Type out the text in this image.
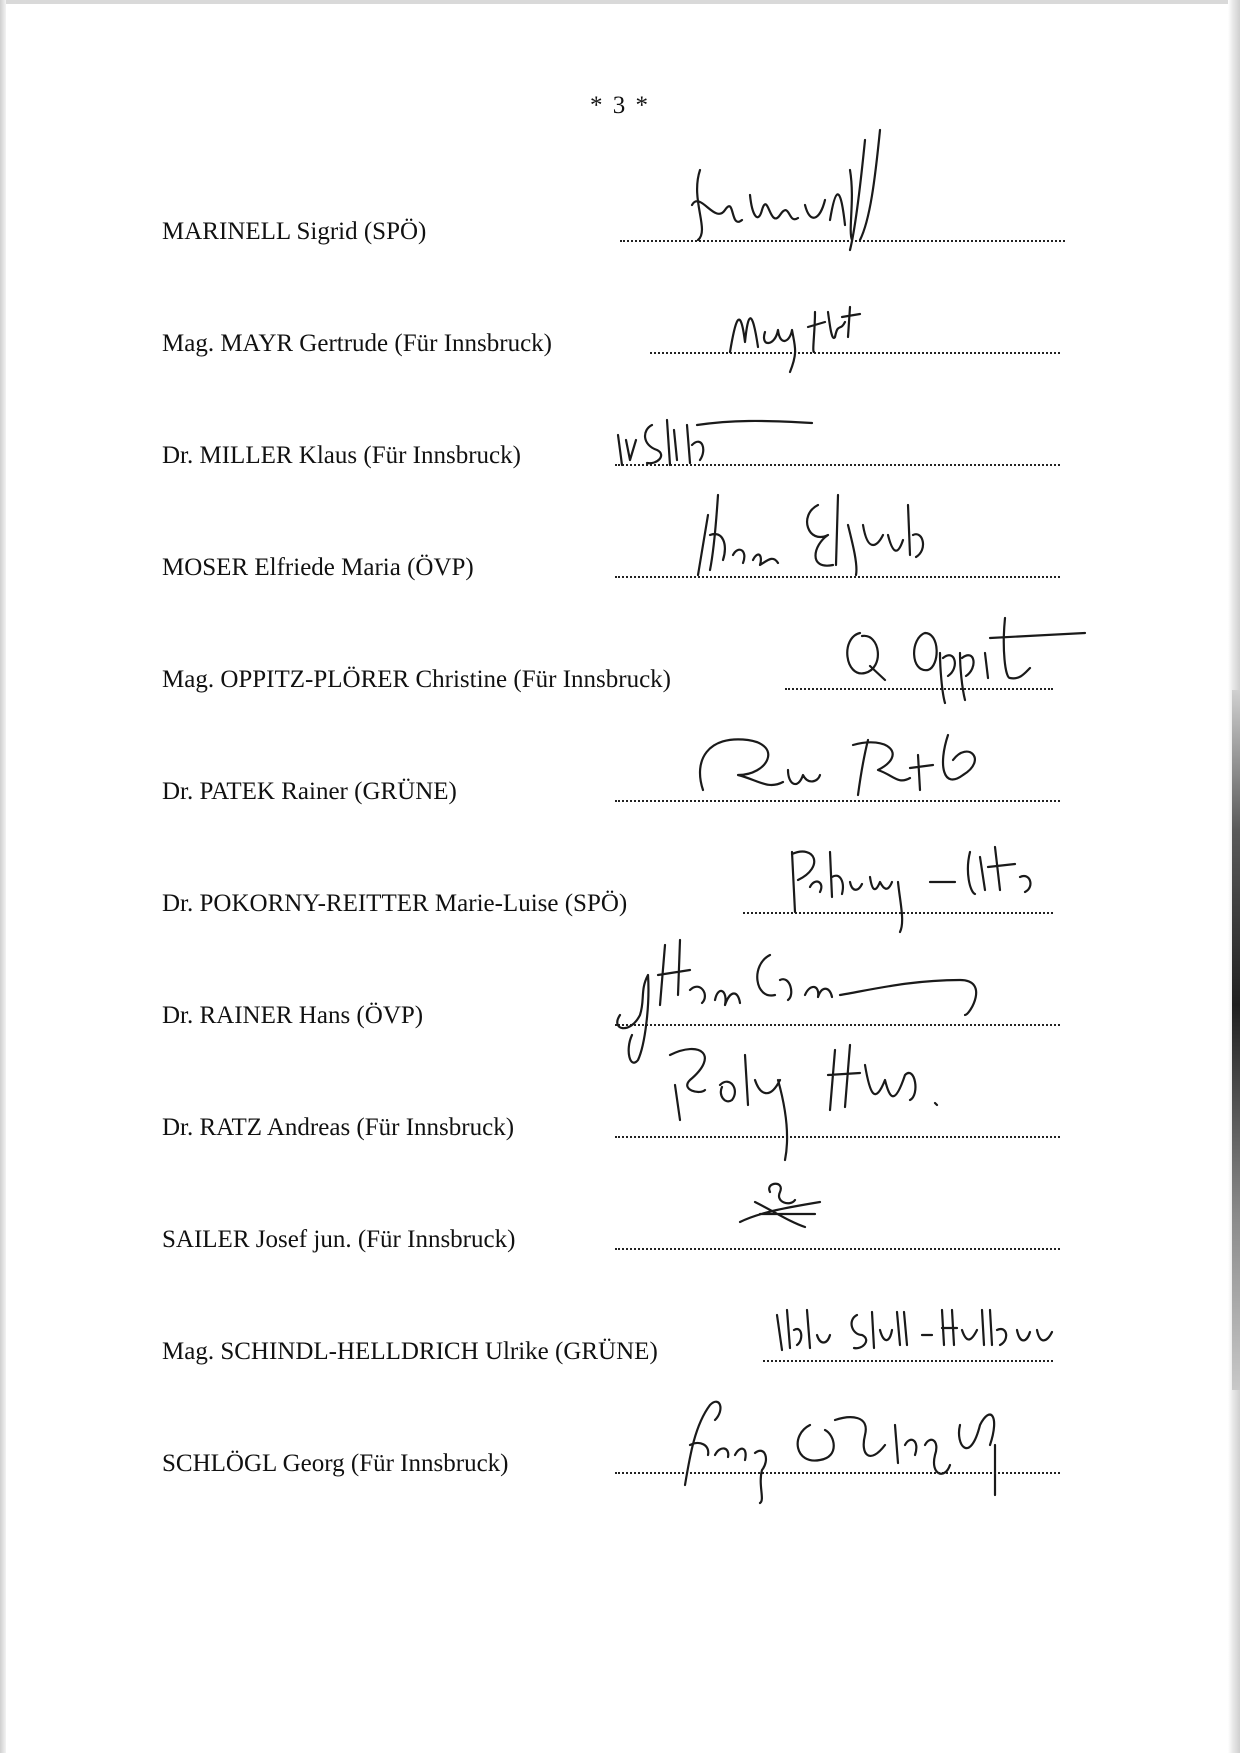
* 3 *
MARINELL Sigrid (SPÖ)
Mag. MAYR Gertrude (Für Innsbruck)
Dr. MILLER Klaus (Für Innsbruck)
MOSER Elfriede Maria (ÖVP)
Mag. OPPITZ-PLÖRER Christine (Für Innsbruck)
Dr. PATEK Rainer (GRÜNE)
Dr. POKORNY-REITTER Marie-Luise (SPÖ)
Dr. RAINER Hans (ÖVP)
Dr. RATZ Andreas (Für Innsbruck)
SAILER Josef jun. (Für Innsbruck)
Mag. SCHINDL-HELLDRICH Ulrike (GRÜNE)
SCHLÖGL Georg (Für Innsbruck)
